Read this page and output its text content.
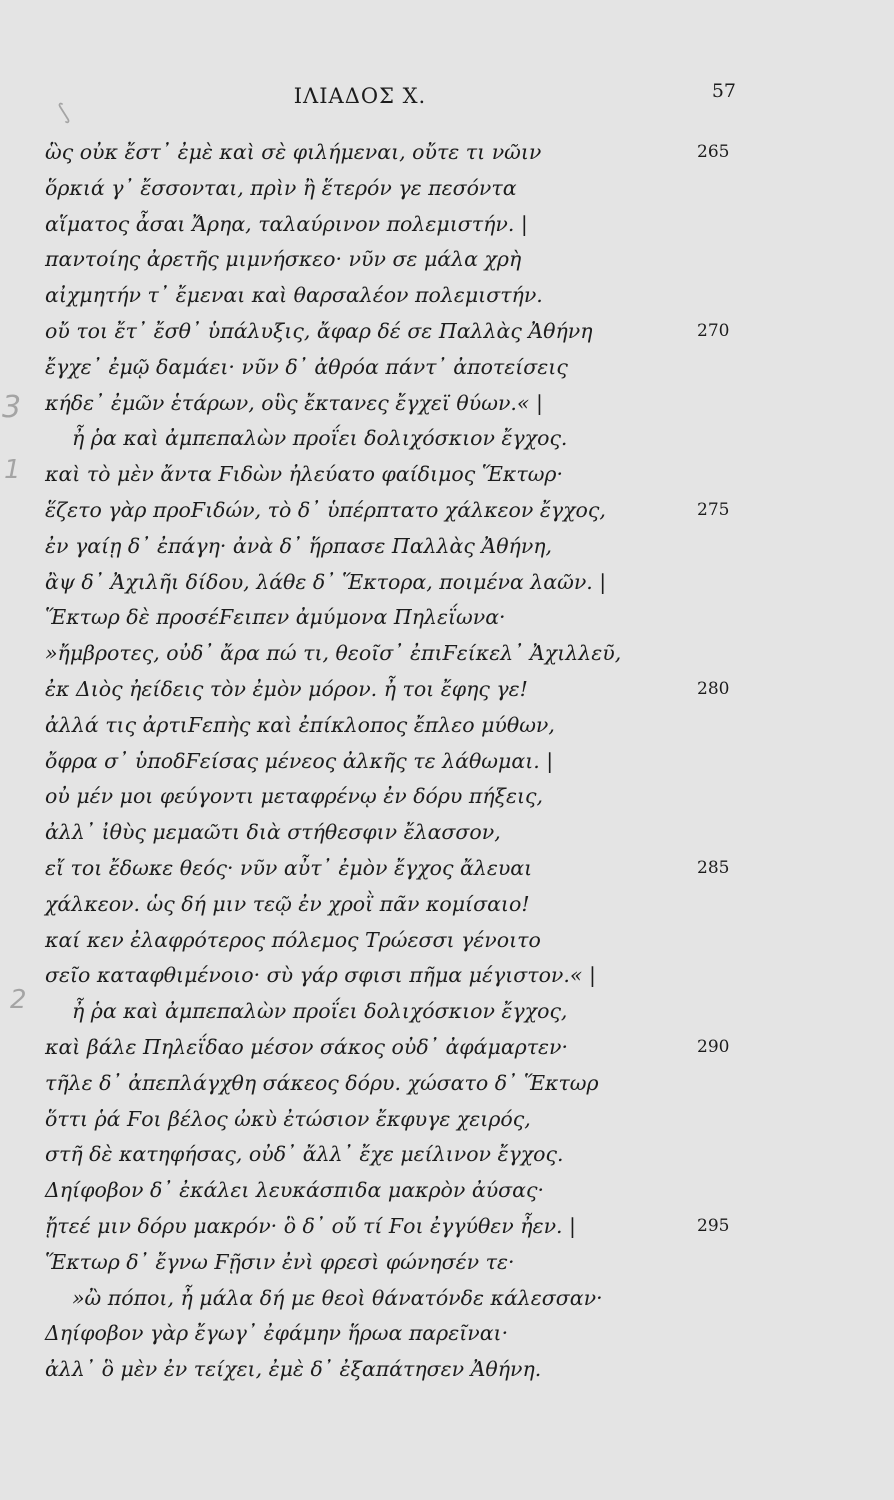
ΙΛΙΑΔΟΣ Χ.	57
∫
3
1
2
ὣς οὐκ ἔστ᾽ ἐμὲ καὶ σὲ φιλήμεναι, οὔτε τι νῶιν	265
ὅρκιά γ᾽ ἔσσονται, πρὶν ἢ ἕτερόν γε πεσόντα
αἵματος ἆσαι Ἄρηα, ταλαύρινον πολεμιστήν. |
παντοίης ἀρετῆς μιμνήσκεο· νῦν σε μάλα χρὴ
αἰχμητήν τ᾽ ἔμεναι καὶ θαρσαλέον πολεμιστήν.
οὔ τοι ἔτ᾽ ἔσθ᾽ ὑπάλυξις, ἄφαρ δέ σε Παλλὰς Ἀθήνη	270
ἔγχε᾽ ἐμῷ δαμάει· νῦν δ᾽ ἀθρόα πάντ᾽ ἀποτείσεις
κήδε᾽ ἐμῶν ἑτάρων, οὓς ἔκτανες ἔγχεϊ θύων.« |
ἦ ῥα καὶ ἀμπεπαλὼν προΐει δολιχόσκιον ἔγχος.
καὶ τὸ μὲν ἄντα Ϝιδὼν ἠλεύατο φαίδιμος Ἕκτωρ·
ἕζετο γὰρ προϜιδών, τὸ δ᾽ ὑπέρπτατο χάλκεον ἔγχος,	275
ἐν γαίῃ δ᾽ ἐπάγη· ἀνὰ δ᾽ ἥρπασε Παλλὰς Ἀθήνη,
ἂψ δ᾽ Ἀχιλῆι δίδου, λάθε δ᾽ Ἕκτορα, ποιμένα λαῶν. |
Ἕκτωρ δὲ προσέϜειπεν ἀμύμονα Πηλεΐωνα·
»ἤμβροτες, οὐδ᾽ ἄρα πώ τι, θεοῖσ᾽ ἐπιϜείκελ᾽ Ἀχιλλεῦ,
ἐκ Διὸς ἠείδεις τὸν ἐμὸν μόρον. ἦ τοι ἔφης γε!	280
ἀλλά τις ἀρτιϜεπὴς καὶ ἐπίκλοπος ἔπλεο μύθων,
ὄφρα σ᾽ ὑποδϜείσας μένεος ἀλκῆς τε λάθωμαι. |
οὐ μέν μοι φεύγοντι μεταφρένῳ ἐν δόρυ πήξεις,
ἀλλ᾽ ἰθὺς μεμαῶτι διὰ στήθεσφιν ἔλασσον,
εἴ τοι ἔδωκε θεός· νῦν αὖτ᾽ ἐμὸν ἔγχος ἄλευαι	285
χάλκεον. ὡς δή μιν τεῷ ἐν χροῒ πᾶν κομίσαιο!
καί κεν ἐλαφρότερος πόλεμος Τρώεσσι γένοιτο
σεῖο καταφθιμένοιο· σὺ γάρ σφισι πῆμα μέγιστον.« |
ἦ ῥα καὶ ἀμπεπαλὼν προΐει δολιχόσκιον ἔγχος,
καὶ βάλε Πηλεΐδαο μέσον σάκος οὐδ᾽ ἀφάμαρτεν·	290
τῆλε δ᾽ ἀπεπλάγχθη σάκεος δόρυ. χώσατο δ᾽ Ἕκτωρ
ὅττι ῥά Ϝοι βέλος ὠκὺ ἐτώσιον ἔκφυγε χειρός,
στῆ δὲ κατηφήσας, οὐδ᾽ ἄλλ᾽ ἔχε μείλινον ἔγχος.
Δηίφοβον δ᾽ ἐκάλει λευκάσπιδα μακρὸν ἀύσας·
ᾔτεέ μιν δόρυ μακρόν· ὃ δ᾽ οὔ τί Ϝοι ἐγγύθεν ἦεν. |	295
Ἕκτωρ δ᾽ ἔγνω Ϝῇσιν ἐνὶ φρεσὶ φώνησέν τε·
»ὢ πόποι, ἦ μάλα δή με θεοὶ θάνατόνδε κάλεσσαν·
Δηίφοβον γὰρ ἔγωγ᾽ ἐφάμην ἥρωα παρεῖναι·
ἀλλ᾽ ὃ μὲν ἐν τείχει, ἐμὲ δ᾽ ἐξαπάτησεν Ἀθήνη.
